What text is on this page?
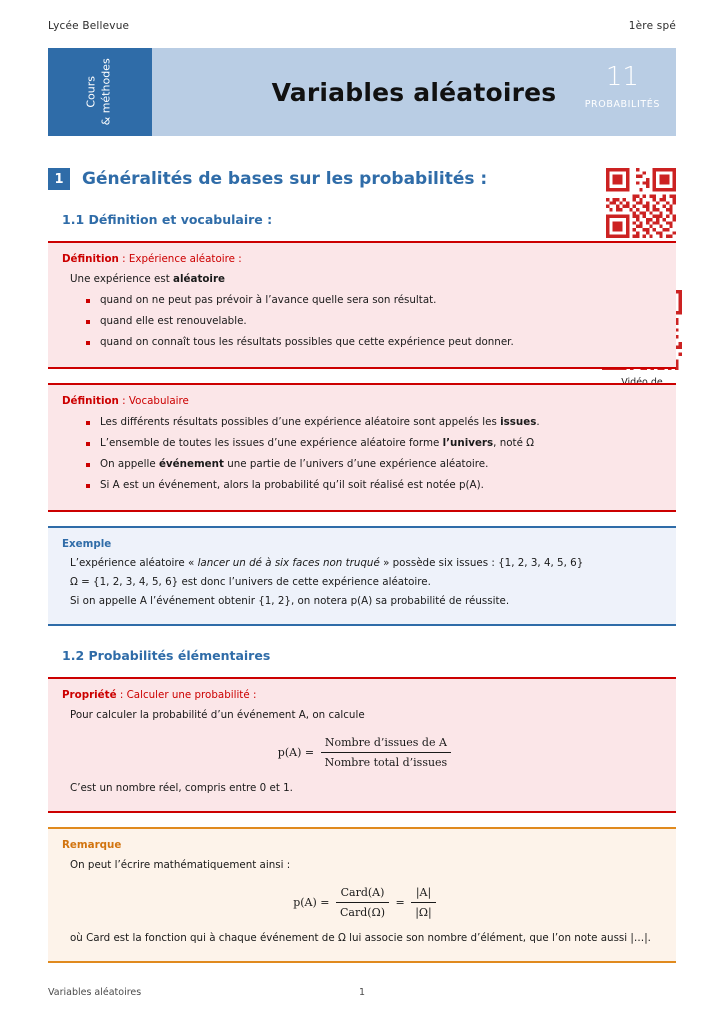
Lycée Bellevue	1ère spé
Cours & méthodes	Variables aléatoires	11
PROBABILITÉS
1	Généralités de bases sur les probabilités :
1.1 Définition et vocabulaire :
Définition : Expérience aléatoire :

Une expérience est aléatoire

quand on ne peut pas prévoir à l’avance quelle sera son résultat.
quand elle est renouvelable.
quand on connaît tous les résultats possibles que cette expérience peut donner.
Définition : Vocabulaire
Les différents résultats possibles d’une expérience aléatoire sont appelés les issues.
L’ensemble de toutes les issues d’une expérience aléatoire forme l’univers, noté Ω
On appelle événement une partie de l’univers d’une expérience aléatoire.
Si A est un événement, alors la probabilité qu’il soit réalisé est notée p(A).
Exemple

L’expérience aléatoire « lancer un dé à six faces non truqué » possède six issues : {1, 2, 3, 4, 5, 6}

Ω = {1, 2, 3, 4, 5, 6} est donc l’univers de cette expérience aléatoire.

Si on appelle A l’événement obtenir {1, 2}, on notera p(A) sa probabilité de réussite.

1.2 Probabilités élémentaires
Propriété : Calculer une probabilité :

Pour calculer la probabilité d’un événement A, on calcule

$p(A) = \frac{\text{Nombre d’issues de A}}{\text{Nombre total d’issues}}$

C’est un nombre réel, compris entre 0 et 1.

Remarque

On peut l’écrire mathématiquement ainsi :

$p(A) = \frac{\text{Card(A)}}{\text{Card(Ω)}} = \frac{|A|}{|\Omega|}$

où Card est la fonction qui à chaque événement de Ω lui associe son nombre d’élément, que l’on note aussi |…|.

Variables aléatoires	1
